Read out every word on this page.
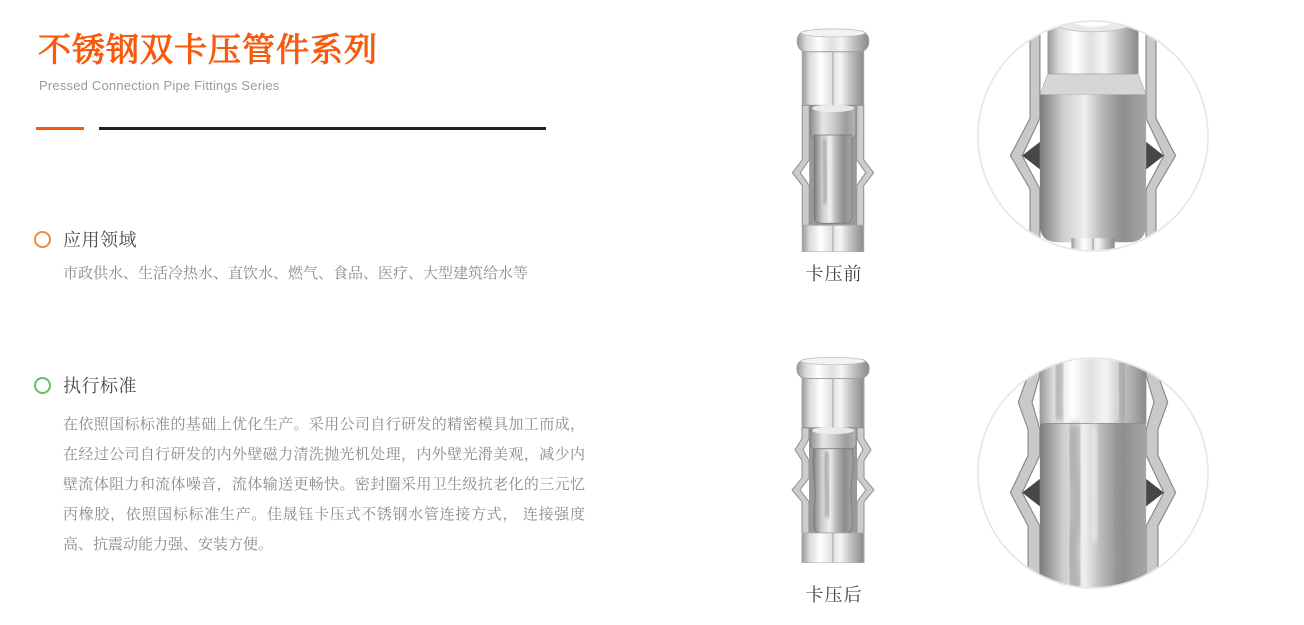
不锈钢双卡压管件系列
Pressed Connection Pipe Fittings Series
应用领域

市政供水、生活冷热水、直饮水、燃气、食品、医疗、大型建筑给水等

执行标准

在依照国标标准的基础上优化生产。采用公司自行研发的精密模具加工而成，在经过公司自行研发的内外壁磁力清洗抛光机处理，内外壁光滑美观，减少内壁流体阻力和流体噪音，流体输送更畅快。密封圈采用卫生级抗老化的三元忆丙橡胶，依照国标标准生产。佳晟钰卡压式不锈钢水管连接方式， 连接强度高、抗震动能力强、安装方便。

卡压前
卡压后
